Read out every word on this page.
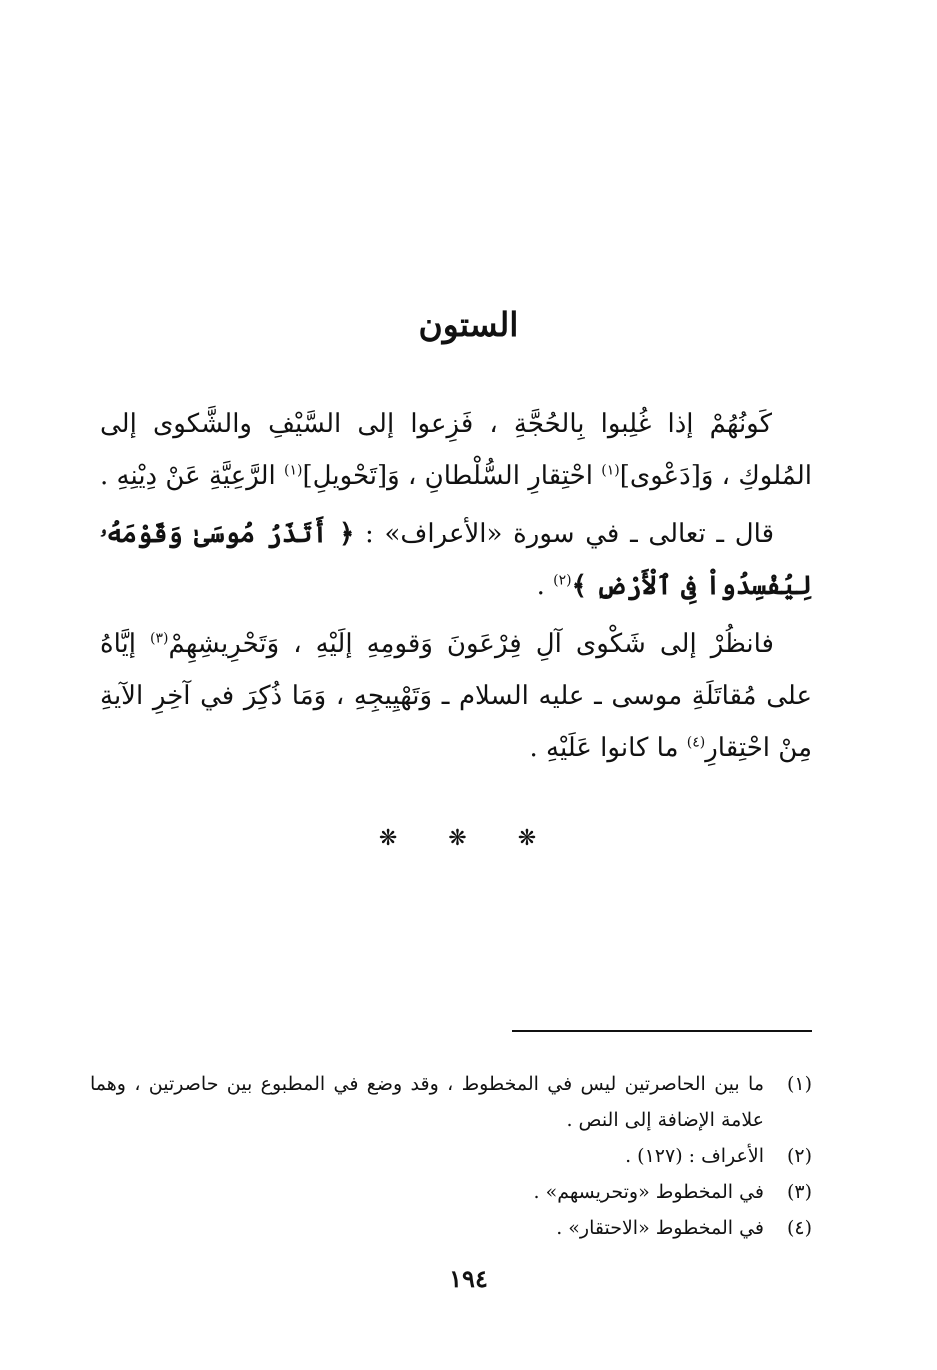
الستون

كَونُهُمْ إذا غُلِبوا بِالحُجَّةِ ، فَزِعوا إلى السَّيْفِ والشَّكوى إلى المُلوكِ ، وَ[دَعْوى]$^{(١)}$ احْتِقارِ السُّلْطانِ ، وَ[تَحْويلِ]$^{(١)}$ الرَّعِيَّةِ عَنْ دِيْنِهِ .

قال ـ تعالى ـ في سورة «الأعراف» : ﴿ أَتَذَرُ مُوسَىٰ وَقَوْمَهُۥ لِيُفْسِدُواْ فِى ٱلْأَرْضِ ﴾$^{(٢)}$ .

فانظُرْ إلى شَكْوى آلِ فِرْعَونَ وَقومِهِ إلَيْهِ ، وَتَحْرِيشِهِمْ$^{(٣)}$ إيَّاهُ على مُقاتَلَةِ موسى ـ عليه السلام ـ وَتَهْيِيجِهِ ، وَمَا ذُكِرَ في آخِرِ الآيةِ مِنْ احْتِقارِ$^{(٤)}$ ما كانوا عَلَيْهِ .

❋ ❋ ❋
(١)
ما بين الحاصرتين ليس في المخطوط ، وقد وضع في المطبوع بين حاصرتين ، وهما علامة الإضافة إلى النص .
(٢)
الأعراف : (١٢٧) .
(٣)
في المخطوط «وتحريسهم» .
(٤)
في المخطوط «الاحتقار» .
١٩٤
